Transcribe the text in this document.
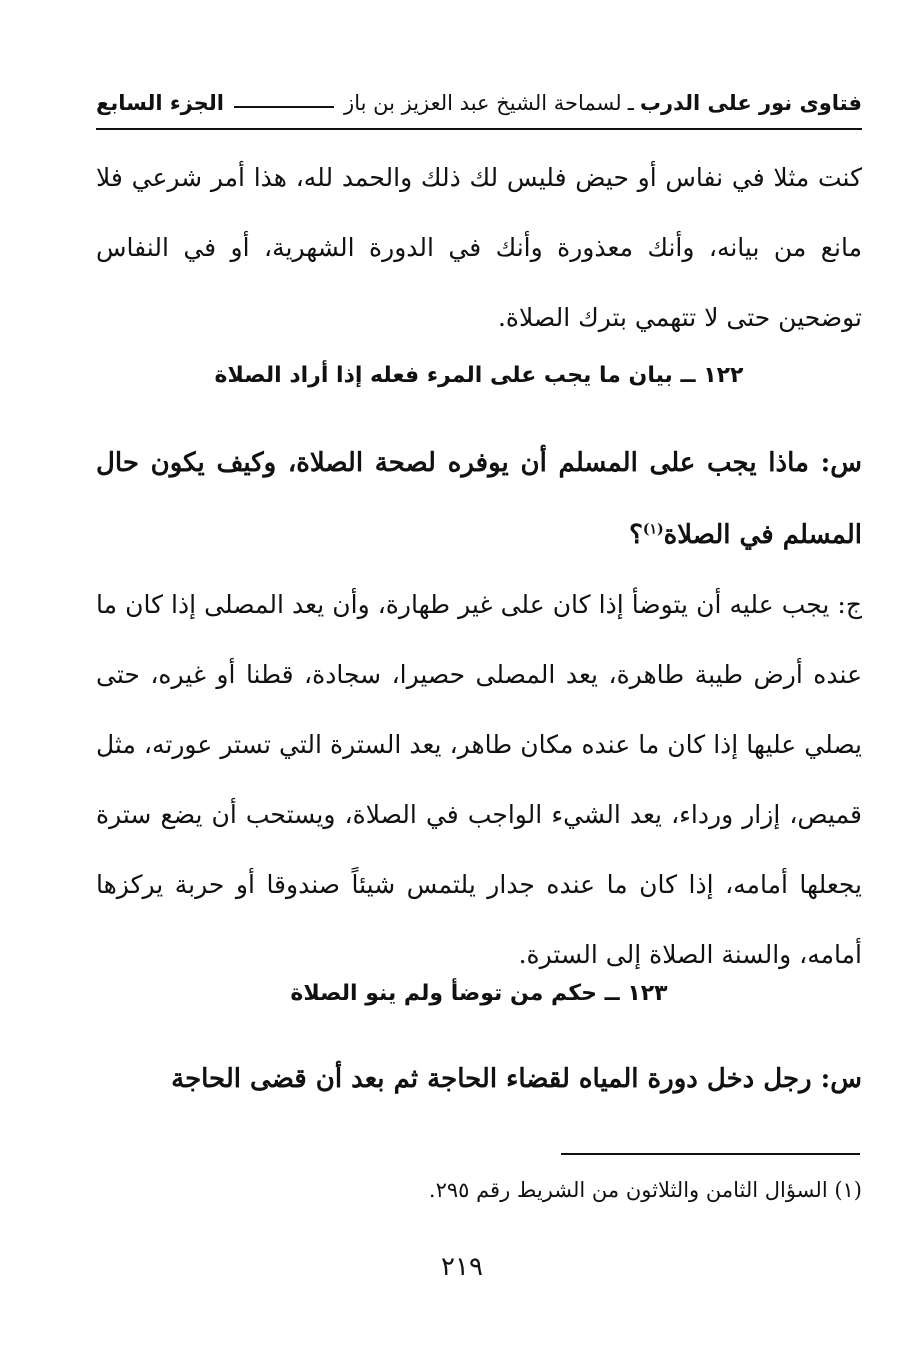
فتاوى نور على الدرب
ـ
لسماحة الشيخ عبد العزيز بن باز
الجزء السابع

كنت مثلا في نفاس أو حيض فليس لك ذلك والحمد لله، هذا أمر شرعي فلا مانع من بيانه، وأنك معذورة وأنك في الدورة الشهرية، أو في النفاس توضحين حتى لا تتهمي بترك الصلاة.

١٢٢ ــ بيان ما يجب على المرء فعله إذا أراد الصلاة

س: ماذا يجب على المسلم أن يوفره لصحة الصلاة، وكيف يكون حال المسلم في الصلاة$^{(١)}$؟

ج: يجب عليه أن يتوضأ إذا كان على غير طهارة، وأن يعد المصلى إذا كان ما عنده أرض طيبة طاهرة، يعد المصلى حصيرا، سجادة، قطنا أو غيره، حتى يصلي عليها إذا كان ما عنده مكان طاهر، يعد السترة التي تستر عورته، مثل قميص، إزار ورداء، يعد الشيء الواجب في الصلاة، ويستحب أن يضع سترة يجعلها أمامه، إذا كان ما عنده جدار يلتمس شيئاً صندوقا أو حربة يركزها أمامه، والسنة الصلاة إلى السترة.

١٢٣ ــ حكم من توضأ ولم ينو الصلاة

س: رجل دخل دورة المياه لقضاء الحاجة ثم بعد أن قضى الحاجة

(١) السؤال الثامن والثلاثون من الشريط رقم ٢٩٥.

٢١٩
